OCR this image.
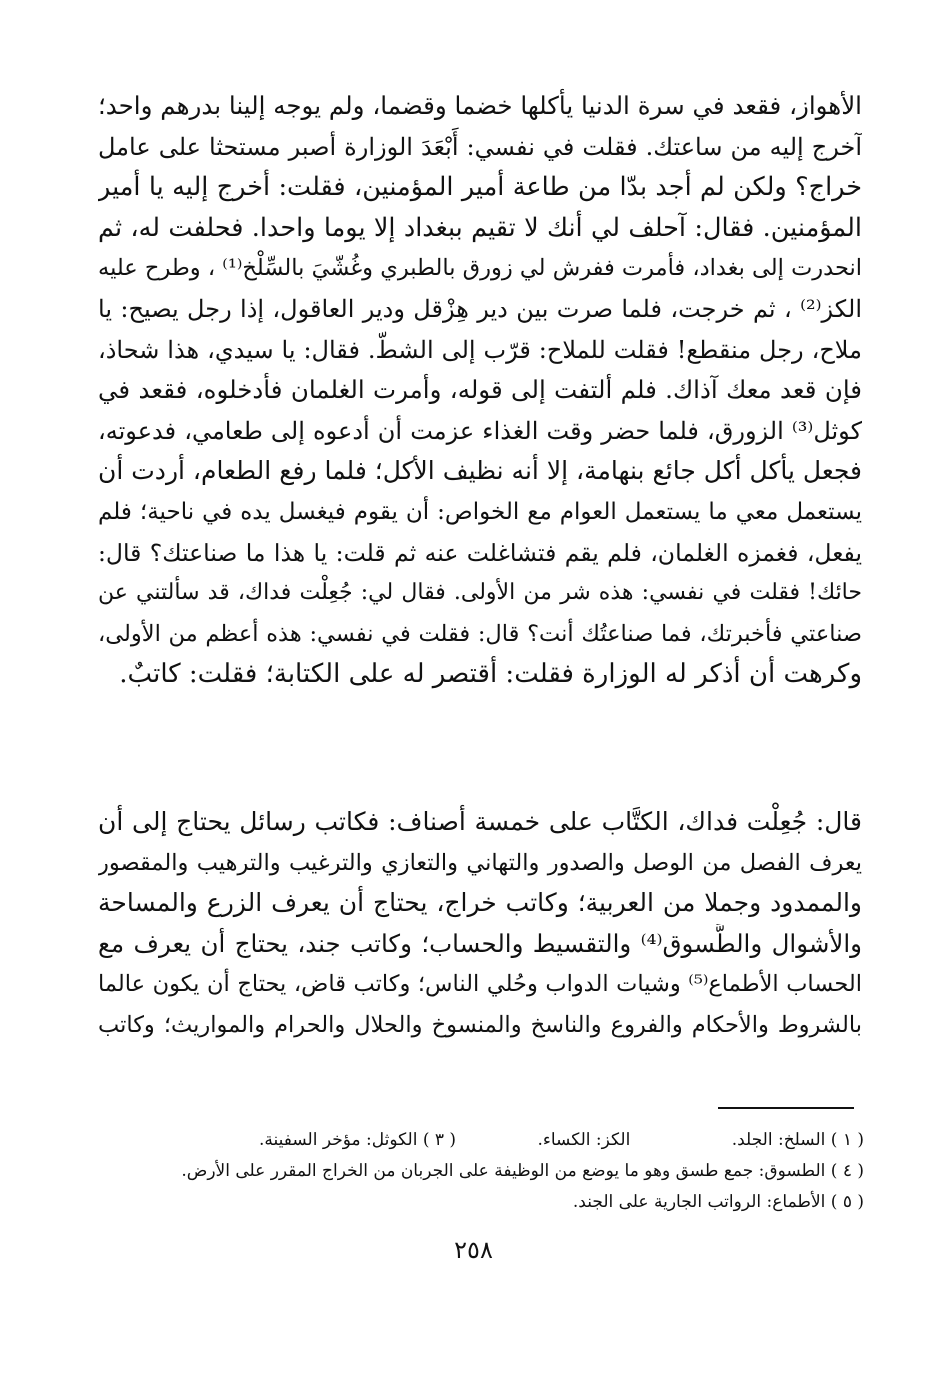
الأهواز، فقعد في سرة الدنيا يأكلها خضما وقضما، ولم يوجه إلينا بدرهم واحد؛
آخرج إليه من ساعتك. فقلت في نفسي: أَبْعَدَ الوزارة أصبر مستحثا على عامل
خراج؟ ولكن لم أجد بدّا من طاعة أمير المؤمنين، فقلت: أخرج إليه يا أمير
المؤمنين. فقال: آحلف لي أنك لا تقيم ببغداد إلا يوما واحدا. فحلفت له، ثم
انحدرت إلى بغداد، فأمرت ففرش لي زورق بالطبري وغُشّيَ بالسِّلْخ⁽¹⁾ ، وطرح عليه
الكز⁽²⁾ ، ثم خرجت، فلما صرت بين دير هِزْقل ودير العاقول، إذا رجل يصيح: يا
ملاح، رجل منقطع! فقلت للملاح: قرّب إلى الشطّ. فقال: يا سيدي، هذا شحاذ،
فإن قعد معك آذاك. فلم ألتفت إلى قوله، وأمرت الغلمان فأدخلوه، فقعد في
كوثل⁽³⁾ الزورق، فلما حضر وقت الغذاء عزمت أن أدعوه إلى طعامي، فدعوته،
فجعل يأكل أكل جائع بنهامة، إلا أنه نظيف الأكل؛ فلما رفع الطعام، أردت أن
يستعمل معي ما يستعمل العوام مع الخواص: أن يقوم فيغسل يده في ناحية؛ فلم
يفعل، فغمزه الغلمان، فلم يقم فتشاغلت عنه ثم قلت: يا هذا ما صناعتك؟ قال:
حائك! فقلت في نفسي: هذه شر من الأولى. فقال لي: جُعِلْت فداك، قد سألتني عن
صناعتي فأخبرتك، فما صناعتُك أنت؟ قال: فقلت في نفسي: هذه أعظم من الأولى،
وكرهت أن أذكر له الوزارة فقلت: أقتصر له على الكتابة؛ فقلت: كاتبٌ.
قال: جُعِلْت فداك، الكتَّاب على خمسة أصناف: فكاتب رسائل يحتاج إلى أن
يعرف الفصل من الوصل والصدور والتهاني والتعازي والترغيب والترهيب والمقصور
والممدود وجملا من العربية؛ وكاتب خراج، يحتاج أن يعرف الزرع والمساحة
والأشوال والطَّسوق⁽⁴⁾ والتقسيط والحساب؛ وكاتب جند، يحتاج أن يعرف مع
الحساب الأطماع⁽⁵⁾ وشيات الدواب وحُلي الناس؛ وكاتب قاض، يحتاج أن يكون عالما
بالشروط والأحكام والفروع والناسخ والمنسوخ والحلال والحرام والمواريث؛ وكاتب
( ١ ) السلخ: الجلد. الكز: الكساء. ( ٣ ) الكوثل: مؤخر السفينة.
( ٤ ) الطسوق: جمع طسق وهو ما يوضع من الوظيفة على الجربان من الخراج المقرر على الأرض.
( ٥ ) الأطماع: الرواتب الجارية على الجند.
٢٥٨
